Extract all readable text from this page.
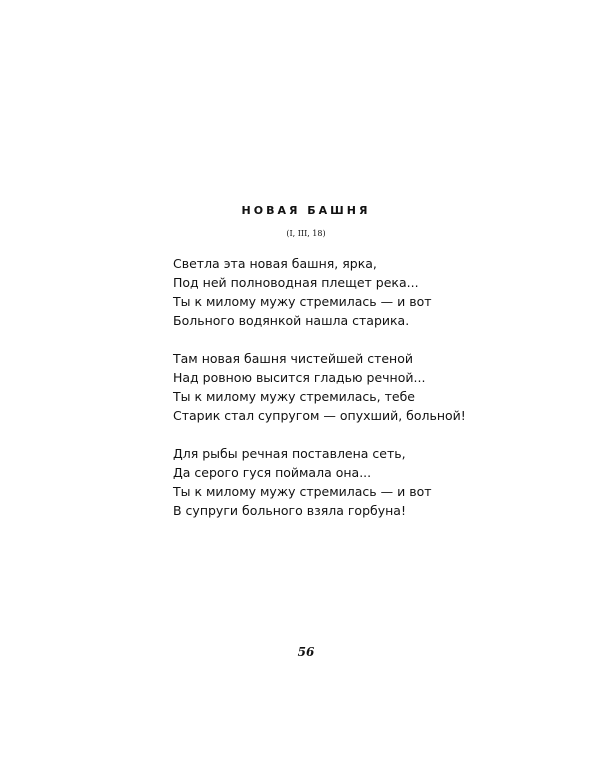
НОВАЯ БАШНЯ
(I, III, 18)
Светла эта новая башня, ярка,
Под ней полноводная плещет река...
Ты к милому мужу стремилась — и вот
Больного водянкой нашла старика.
Там новая башня чистейшей стеной
Над ровною высится гладью речной...
Ты к милому мужу стремилась, тебе
Старик стал супругом — опухший, больной!
Для рыбы речная поставлена сеть,
Да серого гуся поймала она...
Ты к милому мужу стремилась — и вот
В супруги больного взяла горбуна!
56
